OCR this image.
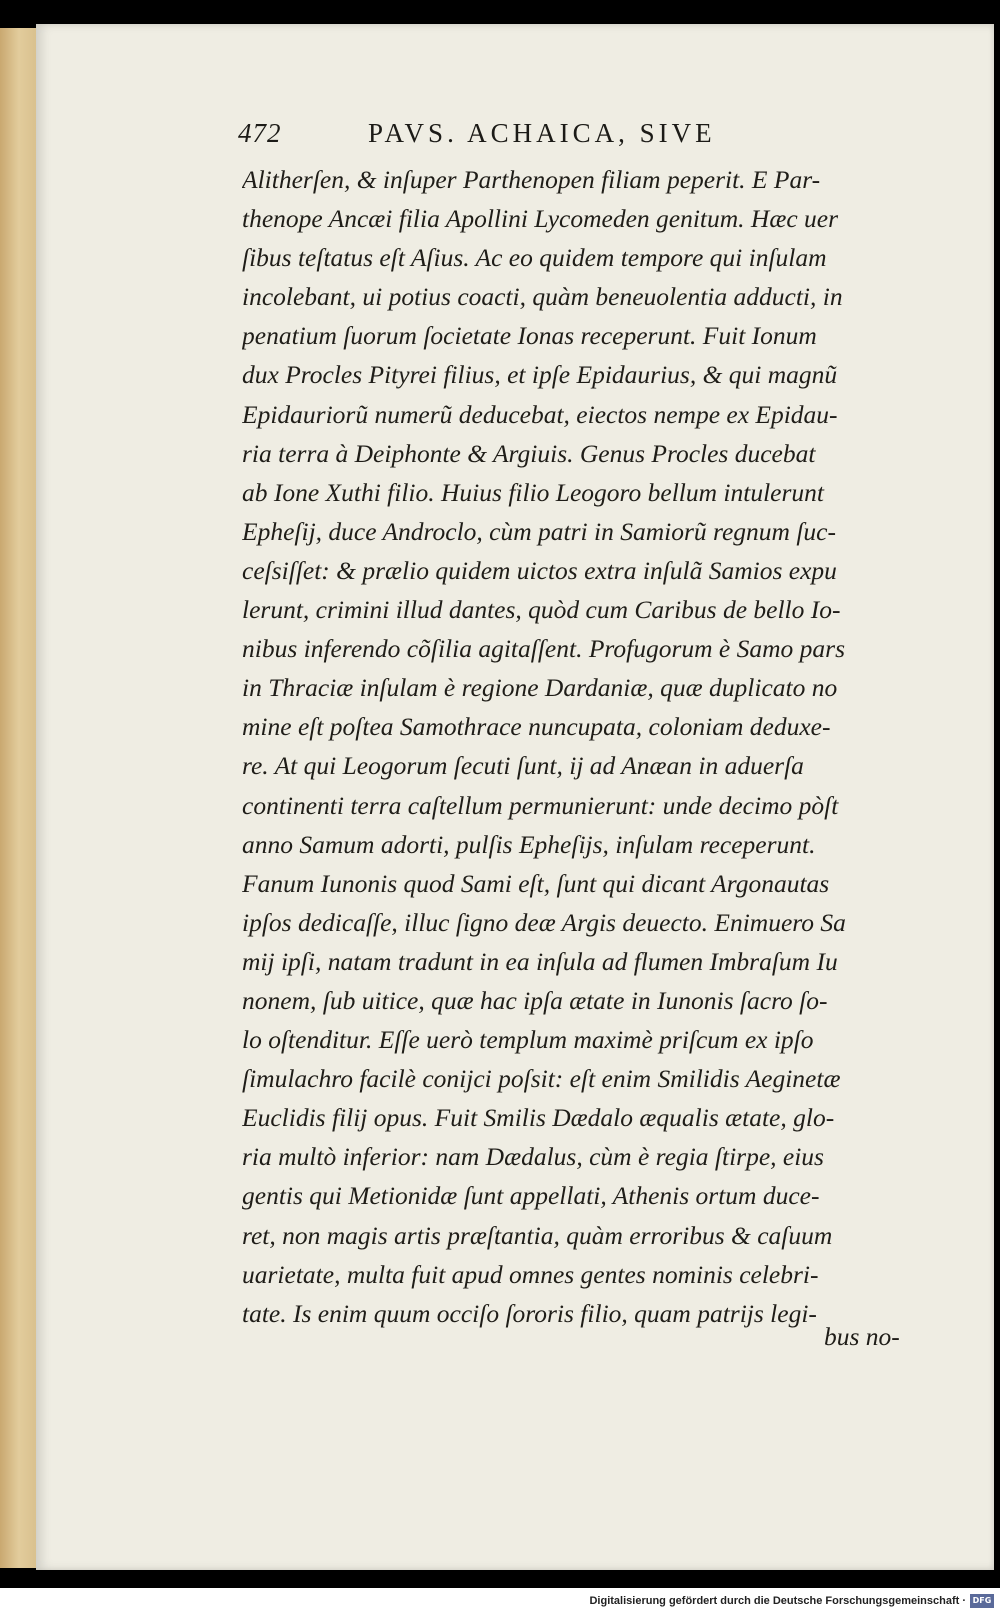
472	PAVS. ACHAICA, SIVE
Alitherſen, & inſuper Parthenopen filiam peperit. E Par-
thenope Ancæi filia Apollini Lycomeden genitum. Hæc uer
ſibus teſtatus eſt Aſius. Ac eo quidem tempore qui inſulam
incolebant, ui potius coacti, quàm beneuolentia adducti, in
penatium ſuorum ſocietate Ionas receperunt. Fuit Ionum
dux Procles Pityrei filius, et ipſe Epidaurius, & qui magnũ
Epidauriorũ numerũ deducebat, eiectos nempe ex Epidau-
ria terra à Deiphonte & Argiuis. Genus Procles ducebat
ab Ione Xuthi filio. Huius filio Leogoro bellum intulerunt
Epheſij, duce Androclo, cùm patri in Samiorũ regnum ſuc-
ceſsiſſet: & prælio quidem uictos extra inſulã Samios expu
lerunt, crimini illud dantes, quòd cum Caribus de bello Io-
nibus inferendo cõſilia agitaſſent. Profugorum è Samo pars
in Thraciæ inſulam è regione Dardaniæ, quæ duplicato no
mine eſt poſtea Samothrace nuncupata, coloniam deduxe-
re. At qui Leogorum ſecuti ſunt, ij ad Anæan in aduerſa
continenti terra caſtellum permunierunt: unde decimo pòſt
anno Samum adorti, pulſis Epheſijs, inſulam receperunt.
Fanum Iunonis quod Sami eſt, ſunt qui dicant Argonautas
ipſos dedicaſſe, illuc ſigno deæ Argis deuecto. Enimuero Sa
mij ipſi, natam tradunt in ea inſula ad flumen Imbraſum Iu
nonem, ſub uitice, quæ hac ipſa ætate in Iunonis ſacro ſo-
lo oſtenditur. Eſſe uerò templum maximè priſcum ex ipſo
ſimulachro facilè conijci poſsit: eſt enim Smilidis Aeginetæ
Euclidis filij opus. Fuit Smilis Dædalo æqualis ætate, glo-
ria multò inferior: nam Dædalus, cùm è regia ſtirpe, eius
gentis qui Metionidæ ſunt appellati, Athenis ortum duce-
ret, non magis artis præſtantia, quàm erroribus & caſuum
uarietate, multa fuit apud omnes gentes nominis celebri-
tate. Is enim quum occiſo ſororis filio, quam patrijs legi-
bus no-
Digitalisierung gefördert durch die Deutsche Forschungsgemeinschaft · DFG
